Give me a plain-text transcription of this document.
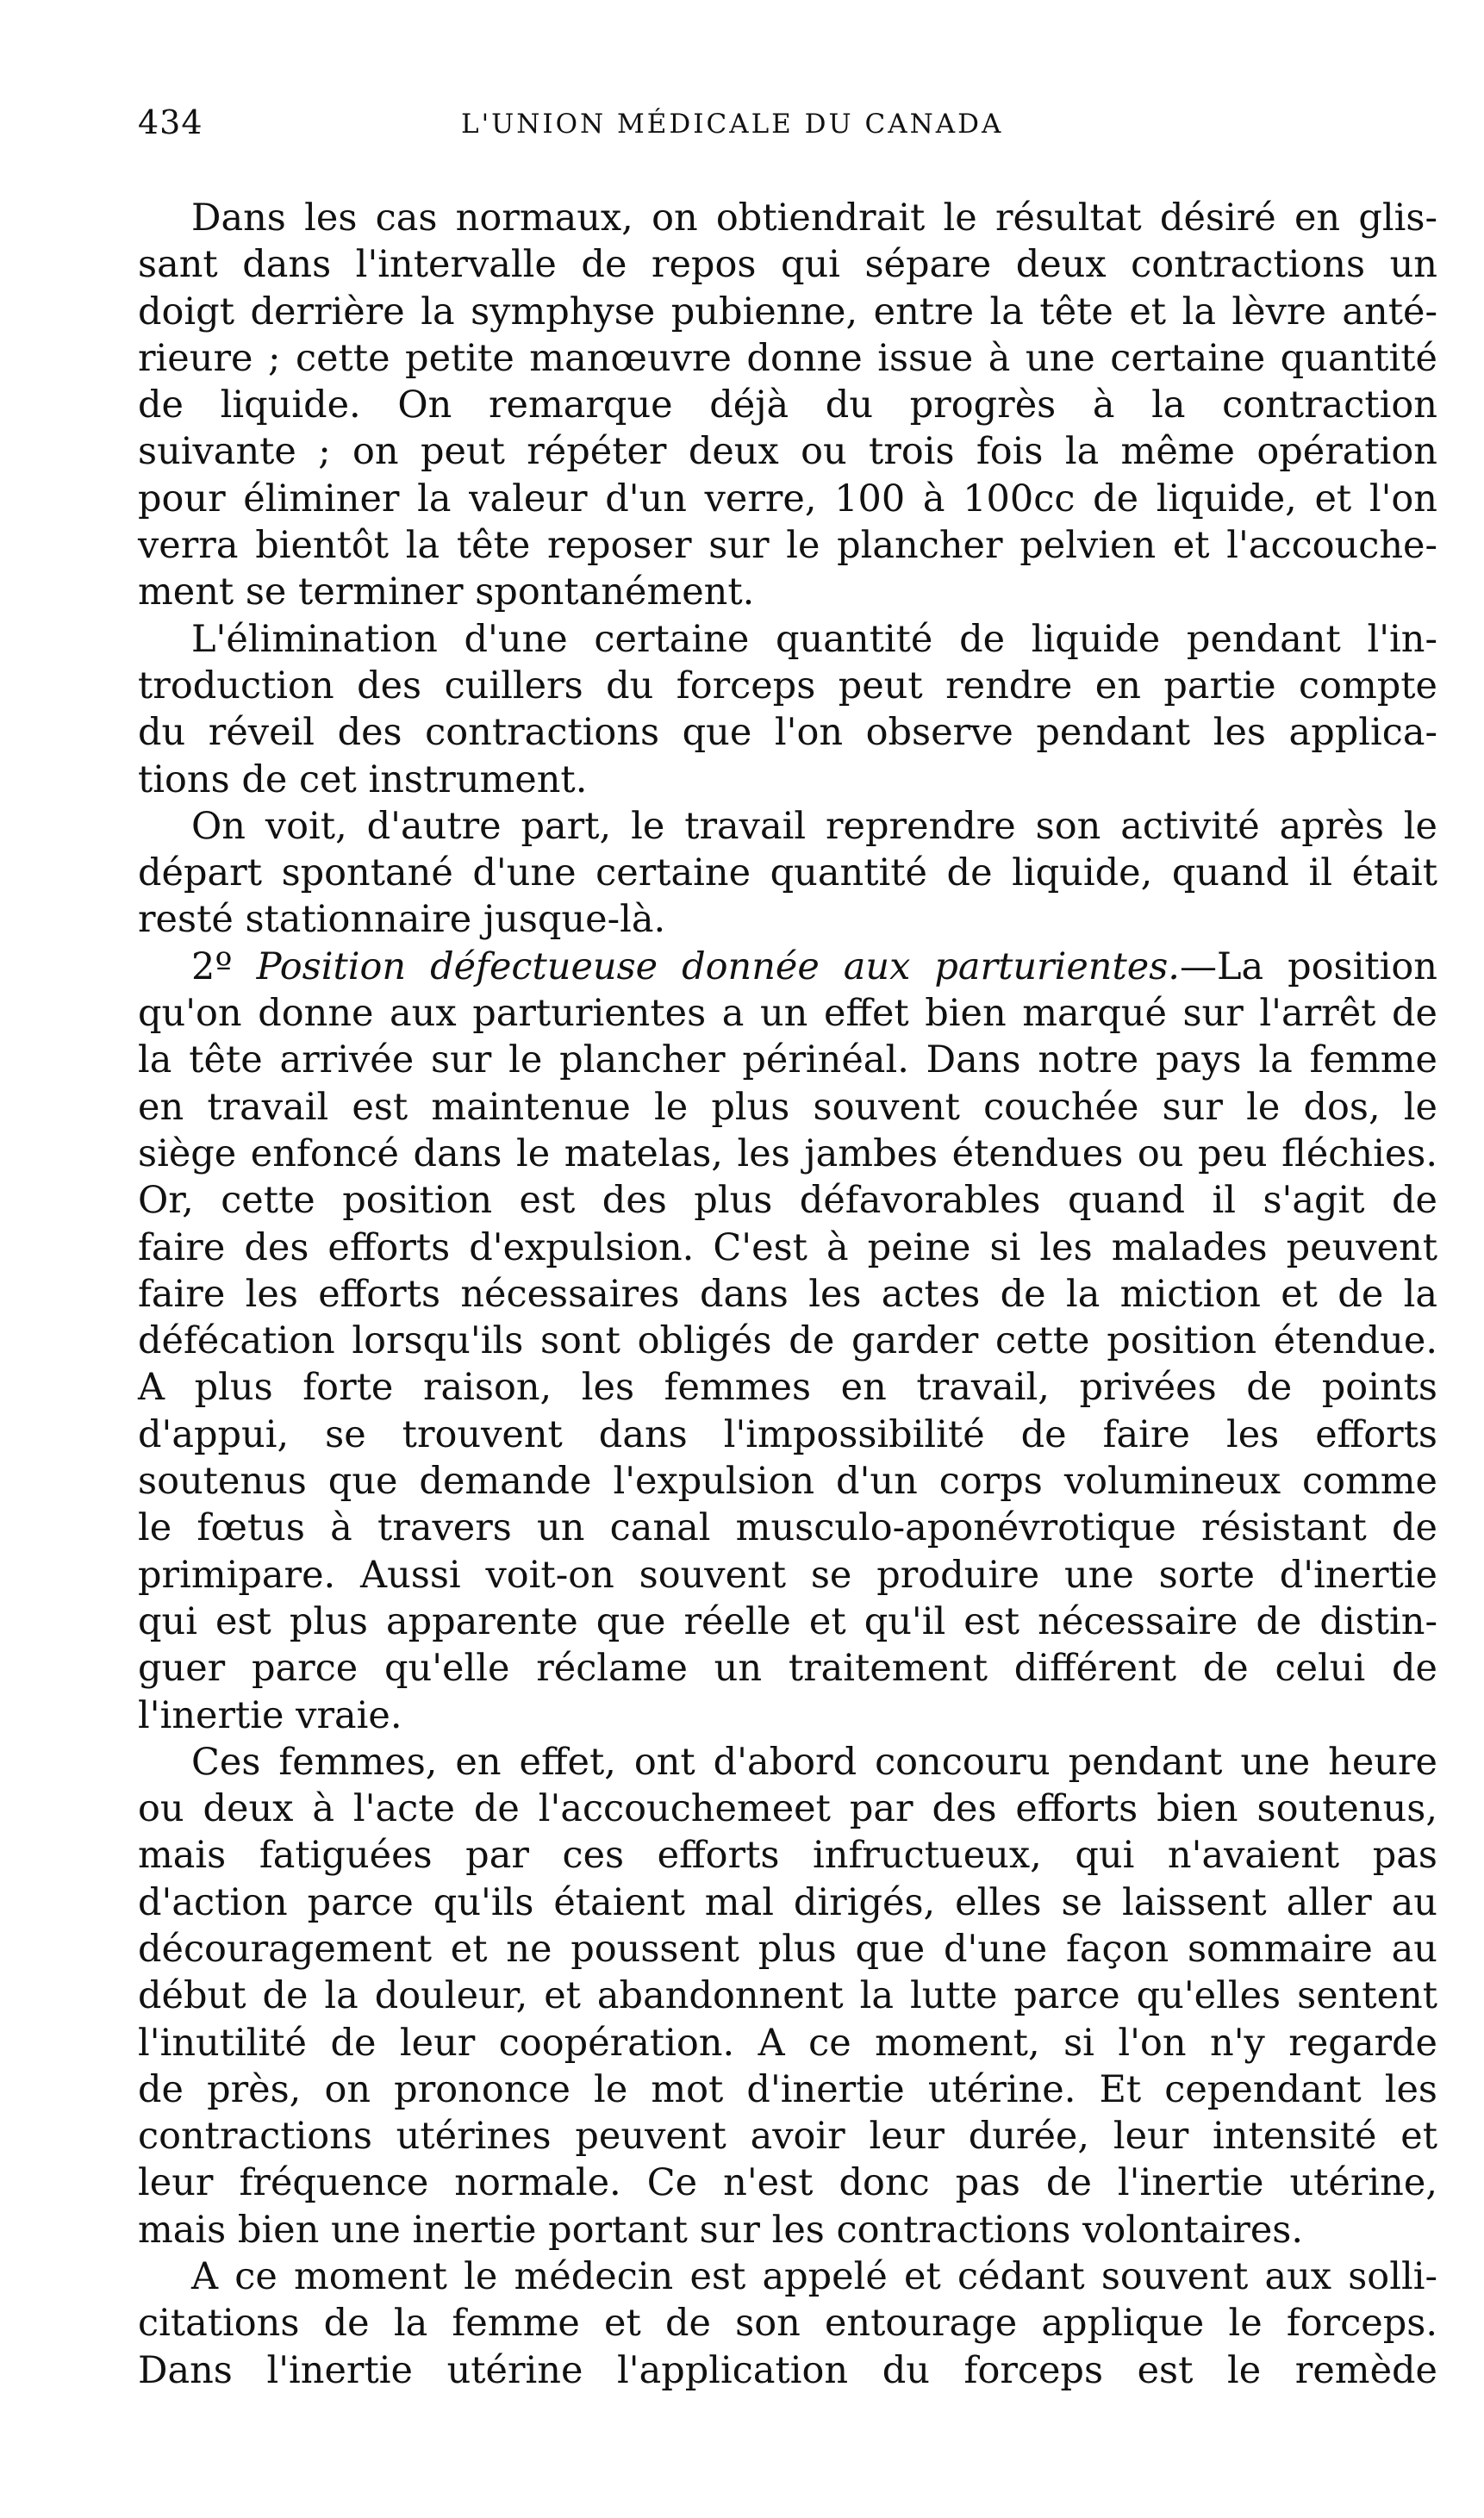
434	L'UNION MÉDICALE DU CANADA
Dans les cas normaux, on obtiendrait le résultat désiré en glis-
sant dans l'intervalle de repos qui sépare deux contractions un
doigt derrière la symphyse pubienne, entre la tête et la lèvre anté-
rieure ; cette petite manœuvre donne issue à une certaine quantité
de liquide. On remarque déjà du progrès à la contraction
suivante ; on peut répéter deux ou trois fois la même opération
pour éliminer la valeur d'un verre, 100 à 100cc de liquide, et l'on
verra bientôt la tête reposer sur le plancher pelvien et l'accouche-
ment se terminer spontanément.
L'élimination d'une certaine quantité de liquide pendant l'in-
troduction des cuillers du forceps peut rendre en partie compte
du réveil des contractions que l'on observe pendant les applica-
tions de cet instrument.
On voit, d'autre part, le travail reprendre son activité après le
départ spontané d'une certaine quantité de liquide, quand il était
resté stationnaire jusque-là.
2º Position défectueuse donnée aux parturientes.—La position
qu'on donne aux parturientes a un effet bien marqué sur l'arrêt de
la tête arrivée sur le plancher périnéal. Dans notre pays la femme
en travail est maintenue le plus souvent couchée sur le dos, le
siège enfoncé dans le matelas, les jambes étendues ou peu fléchies.
Or, cette position est des plus défavorables quand il s'agit de
faire des efforts d'expulsion. C'est à peine si les malades peuvent
faire les efforts nécessaires dans les actes de la miction et de la
défécation lorsqu'ils sont obligés de garder cette position étendue.
A plus forte raison, les femmes en travail, privées de points
d'appui, se trouvent dans l'impossibilité de faire les efforts
soutenus que demande l'expulsion d'un corps volumineux comme
le fœtus à travers un canal musculo-aponévrotique résistant de
primipare. Aussi voit-on souvent se produire une sorte d'inertie
qui est plus apparente que réelle et qu'il est nécessaire de distin-
guer parce qu'elle réclame un traitement différent de celui de
l'inertie vraie.
Ces femmes, en effet, ont d'abord concouru pendant une heure
ou deux à l'acte de l'accouchemeet par des efforts bien soutenus,
mais fatiguées par ces efforts infructueux, qui n'avaient pas
d'action parce qu'ils étaient mal dirigés, elles se laissent aller au
découragement et ne poussent plus que d'une façon sommaire au
début de la douleur, et abandonnent la lutte parce qu'elles sentent
l'inutilité de leur coopération. A ce moment, si l'on n'y regarde
de près, on prononce le mot d'inertie utérine. Et cependant les
contractions utérines peuvent avoir leur durée, leur intensité et
leur fréquence normale. Ce n'est donc pas de l'inertie utérine,
mais bien une inertie portant sur les contractions volontaires.
A ce moment le médecin est appelé et cédant souvent aux solli-
citations de la femme et de son entourage applique le forceps.
Dans l'inertie utérine l'application du forceps est le remède
